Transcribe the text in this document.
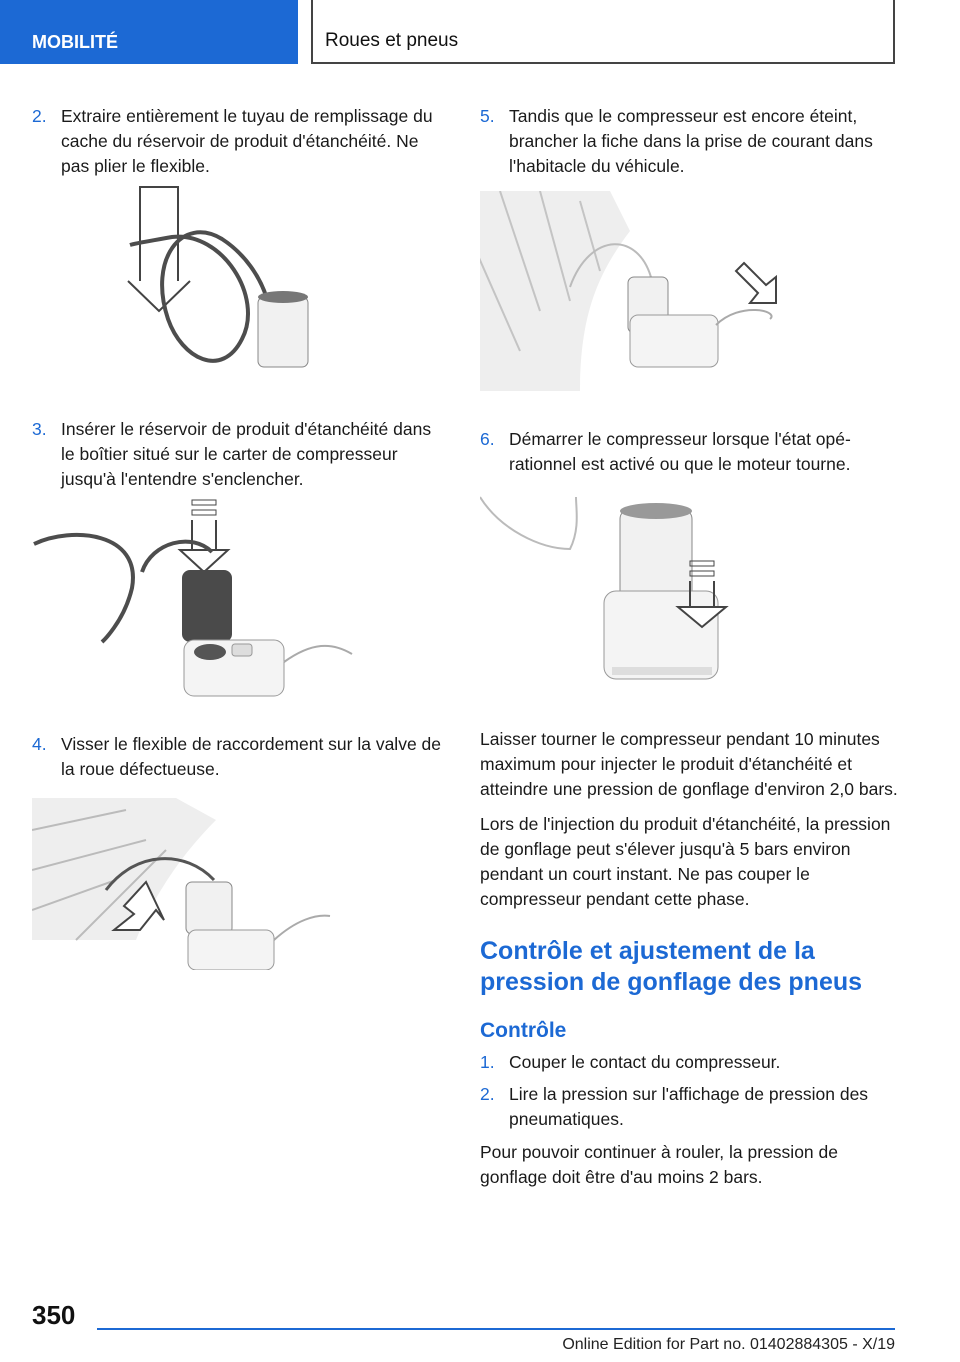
MOBILITÉ	Roues et pneus
2. Extraire entièrement le tuyau de remplissage du cache du réservoir de produit d'étanchéité. Ne pas plier le flexible.
3. Insérer le réservoir de produit d'étanchéité dans le boîtier situé sur le carter de compresseur jusqu'à l'entendre s'enclencher.
4. Visser le flexible de raccordement sur la valve de la roue défectueuse.
5. Tandis que le compresseur est encore éteint, brancher la fiche dans la prise de courant dans l'habitacle du véhicule.
6. Démarrer le compresseur lorsque l'état opérationnel est activé ou que le moteur tourne.

Laisser tourner le compresseur pendant 10 minutes maximum pour injecter le produit d'étanchéité et atteindre une pression de gonflage d'environ 2,0 bars.

Lors de l'injection du produit d'étanchéité, la pression de gonflage peut s'élever jusqu'à 5 bars environ pendant un court instant. Ne pas couper le compresseur pendant cette phase.

Contrôle et ajustement de la pression de gonflage des pneus
Contrôle
1. Couper le contact du compresseur.
2. Lire la pression sur l'affichage de pression des pneumatiques.

Pour pouvoir continuer à rouler, la pression de gonflage doit être d'au moins 2 bars.

350
Online Edition for Part no. 01402884305 - X/19
